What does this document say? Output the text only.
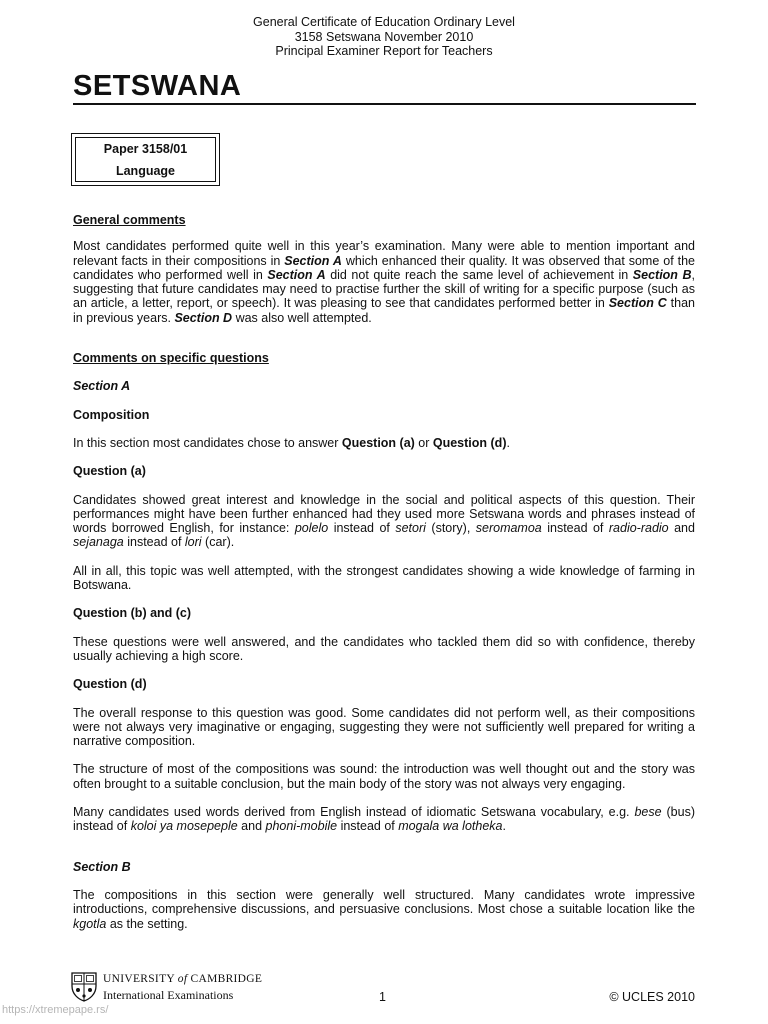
General Certificate of Education Ordinary Level
3158 Setswana November 2010
Principal Examiner Report for Teachers
SETSWANA
Paper 3158/01
Language

General comments

Most candidates performed quite well in this year’s examination. Many were able to mention important and relevant facts in their compositions in Section A which enhanced their quality. It was observed that some of the candidates who performed well in Section A did not quite reach the same level of achievement in Section B, suggesting that future candidates may need to practise further the skill of writing for a specific purpose (such as an article, a letter, report, or speech). It was pleasing to see that candidates performed better in Section C than in previous years. Section D was also well attempted.

Comments on specific questions

Section A

Composition

In this section most candidates chose to answer Question (a) or Question (d).

Question (a)

Candidates showed great interest and knowledge in the social and political aspects of this question. Their performances might have been further enhanced had they used more Setswana words and phrases instead of words borrowed English, for instance: polelo instead of setori (story), seromamoa instead of radio-radio and sejanaga instead of lori (car).

All in all, this topic was well attempted, with the strongest candidates showing a wide knowledge of farming in Botswana.

Question (b) and (c)

These questions were well answered, and the candidates who tackled them did so with confidence, thereby usually achieving a high score.

Question (d)

The overall response to this question was good. Some candidates did not perform well, as their compositions were not always very imaginative or engaging, suggesting they were not sufficiently well prepared for writing a narrative composition.

The structure of most of the compositions was sound: the introduction was well thought out and the story was often brought to a suitable conclusion, but the main body of the story was not always very engaging.

Many candidates used words derived from English instead of idiomatic Setswana vocabulary, e.g. bese (bus) instead of koloi ya mosepeple and phoni-mobile instead of mogala wa lotheka.

Section B

The compositions in this section were generally well structured. Many candidates wrote impressive introductions, comprehensive discussions, and persuasive conclusions. Most chose a suitable location like the kgotla as the setting.

UNIVERSITY of CAMBRIDGE
International Examinations	1	© UCLES 2010
https://xtremepape.rs/
